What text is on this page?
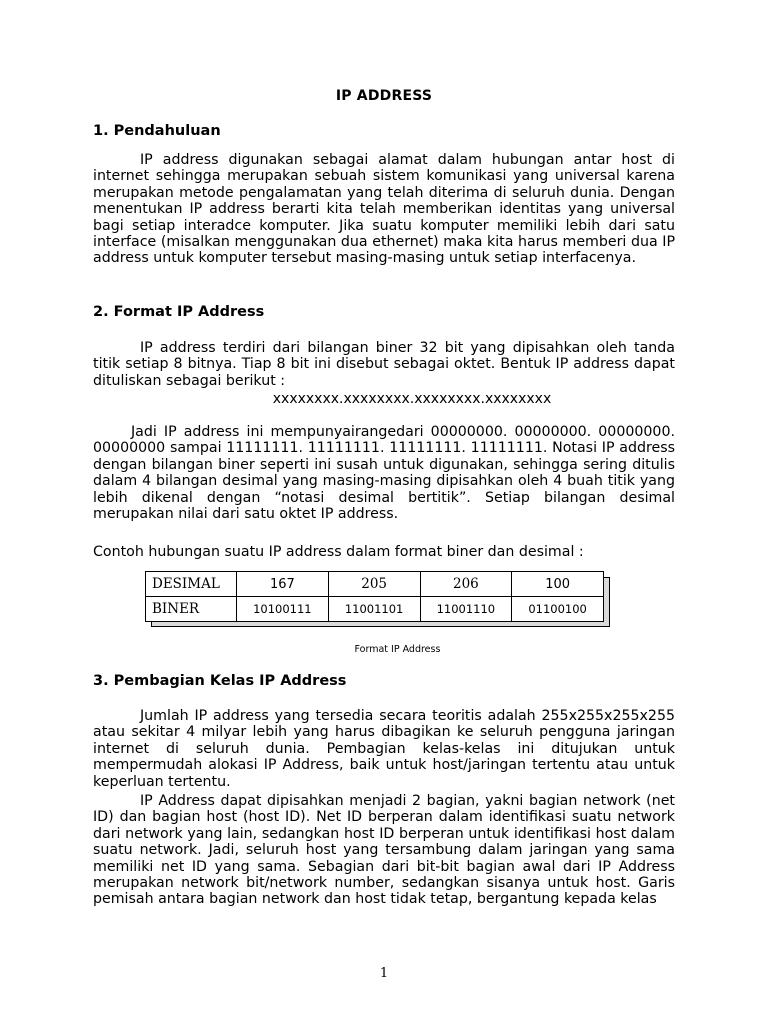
IP ADDRESS
1. Pendahuluan
IP address digunakan sebagai alamat dalam hubungan antar host di internet sehingga merupakan sebuah sistem komunikasi yang universal karena merupakan metode pengalamatan yang telah diterima di seluruh dunia. Dengan menentukan IP address berarti kita telah memberikan identitas yang universal bagi setiap interadce komputer. Jika suatu komputer memiliki lebih dari satu interface (misalkan menggunakan dua ethernet) maka kita harus memberi dua IP address untuk komputer tersebut masing-masing untuk setiap interfacenya.
2. Format IP Address
IP address terdiri dari bilangan biner 32 bit yang dipisahkan oleh tanda titik setiap 8 bitnya. Tiap 8 bit ini disebut sebagai oktet. Bentuk IP address dapat dituliskan sebagai berikut :
xxxxxxxx.xxxxxxxx.xxxxxxxx.xxxxxxxx
Jadi IP address ini mempunyairangedari 00000000. 00000000. 00000000. 00000000 sampai 11111111. 11111111. 11111111. 11111111. Notasi IP address dengan bilangan biner seperti ini susah untuk digunakan, sehingga sering ditulis dalam 4 bilangan desimal yang masing-masing dipisahkan oleh 4 buah titik yang lebih dikenal dengan “notasi desimal bertitik”. Setiap bilangan desimal merupakan nilai dari satu oktet IP address.
Contoh hubungan suatu IP address dalam format biner dan desimal :
DESIMAL	167	205	206	100
BINER	10100111	11001101	11001110	01100100
Format IP Address
3. Pembagian Kelas IP Address
Jumlah IP address yang tersedia secara teoritis adalah 255x255x255x255 atau sekitar 4 milyar lebih yang harus dibagikan ke seluruh pengguna jaringan internet di seluruh dunia. Pembagian kelas-kelas ini ditujukan untuk mempermudah alokasi IP Address, baik untuk host/jaringan tertentu atau untuk keperluan tertentu.
IP Address dapat dipisahkan menjadi 2 bagian, yakni bagian network (net ID) dan bagian host (host ID). Net ID berperan dalam identifikasi suatu network dari network yang lain, sedangkan host ID berperan untuk identifikasi host dalam suatu network. Jadi, seluruh host yang tersambung dalam jaringan yang sama memiliki net ID yang sama. Sebagian dari bit-bit bagian awal dari IP Address merupakan network bit/network number, sedangkan sisanya untuk host. Garis pemisah antara bagian network dan host tidak tetap, bergantung kepada kelas
1
